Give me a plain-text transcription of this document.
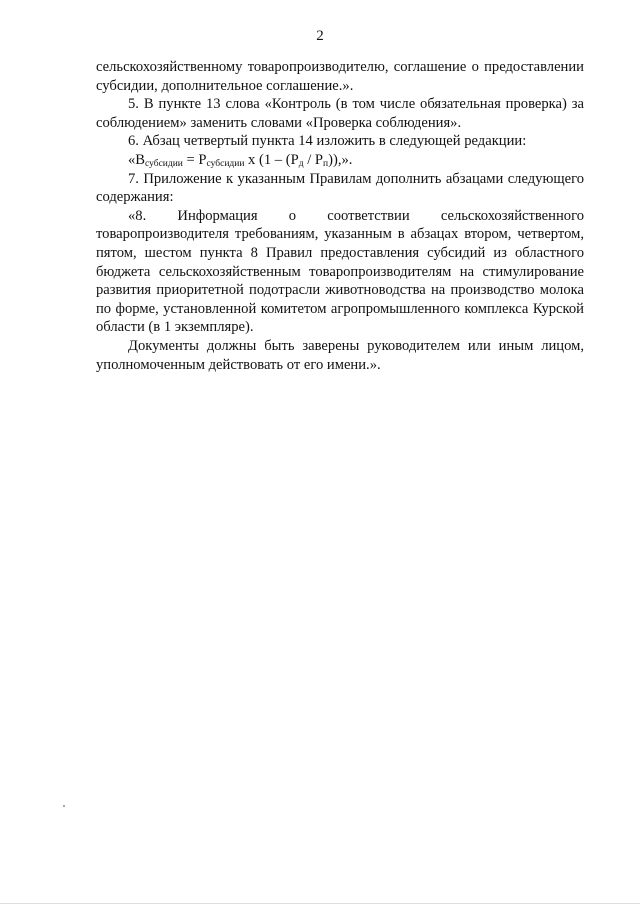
2

сельскохозяйственному товаропроизводителю, соглашение о предоставлении субсидии, дополнительное соглашение.».

5. В пункте 13 слова «Контроль (в том числе обязательная проверка) за соблюдением» заменить словами «Проверка соблюдения».

6. Абзац четвертый пункта 14 изложить в следующей редакции:

«$В_{субсидии} = Р_{субсидии}$ х $(1 - (Р_д / Р_п))$,».

7. Приложение к указанным Правилам дополнить абзацами следующего содержания:

«8. Информация о соответствии сельскохозяйственного товаропроизводителя требованиям, указанным в абзацах втором, четвертом, пятом, шестом пункта 8 Правил предоставления субсидий из областного бюджета сельскохозяйственным товаропроизводителям на стимулирование развития приоритетной подотрасли животноводства на производство молока по форме, установленной комитетом агропромышленного комплекса Курской области (в 1 экземпляре).

Документы должны быть заверены руководителем или иным лицом, уполномоченным действовать от его имени.».
